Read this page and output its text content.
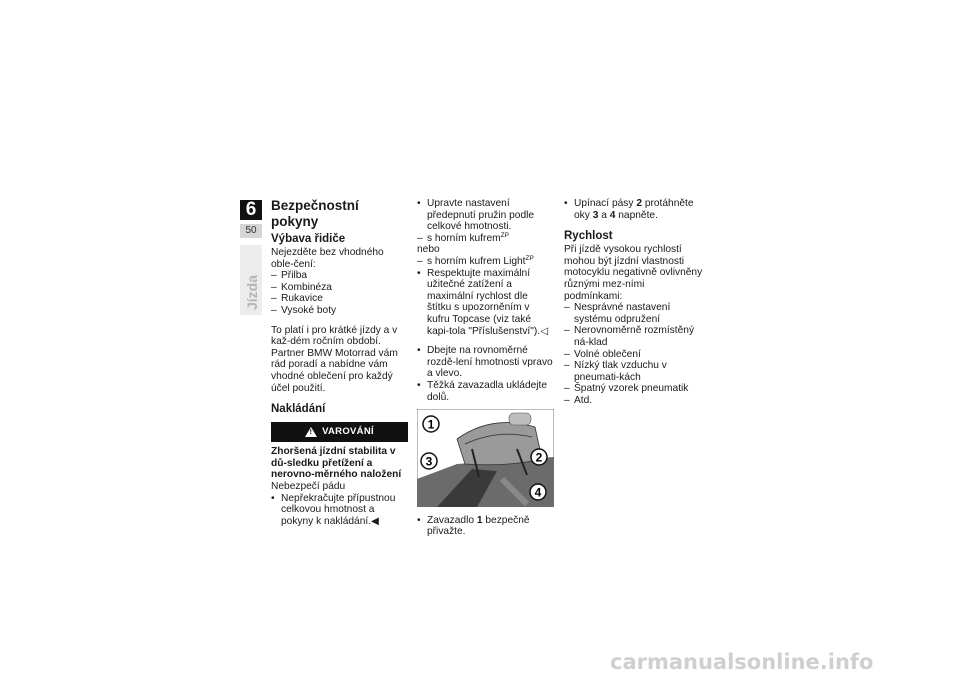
6
50
Jízda
Bezpečnostní pokyny
Výbava řidiče

Nejezděte bez vhodného oble-čení:

– Přilba
– Kombinéza
– Rukavice
– Vysoké boty

To platí i pro krátké jízdy a v kaž-dém ročním období. Partner BMW Motorrad vám rád poradí a nabídne vám vhodné oblečení pro každý účel použití.

Nakládání
! VAROVÁNÍ

Zhoršená jízdní stabilita v dů-sledku přetížení a nerovno-měrného naložení

Nebezpečí pádu

• Nepřekračujte přípustnou celkovou hmotnost a pokyny k nakládání.◀
• Upravte nastavení předepnutí pružin podle celkové hmotnosti.
– s horním kufrem$^{ZP}$

nebo

– s horním kufrem Light$^{ZP}$
• Respektujte maximální užitečné zatížení a maximální rychlost dle štítku s upozorněním v kufru Topcase (viz také kapi-tola "Příslušenství").◁
• Dbejte na rovnoměrné rozdě-lení hmotnosti vpravo a vlevo.
• Těžká zavazadla ukládejte dolů.
1
2
3
4
• Zavazadlo 1 bezpečně přivažte.
• Upínací pásy 2 protáhněte oky 3 a 4 napněte.
Rychlost

Při jízdě vysokou rychlostí mohou být jízdní vlastnosti motocyklu negativně ovlivněny různými mez-ními podmínkami:

– Nesprávné nastavení systému odpružení
– Nerovnoměrně rozmístěný ná-klad
– Volné oblečení
– Nízký tlak vzduchu v pneumati-kách
– Špatný vzorek pneumatik
– Atd.
carmanualsonline.info
